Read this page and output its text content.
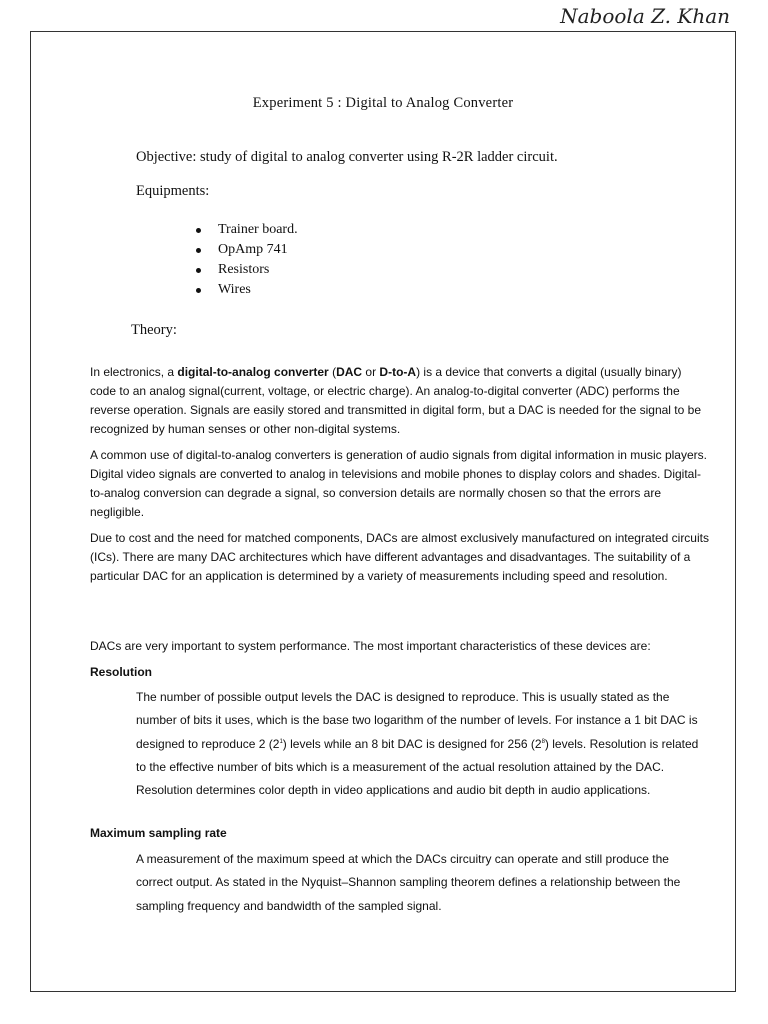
Naboola Z. Khan
Experiment 5 : Digital to Analog Converter
Objective: study of digital to analog converter using R-2R ladder circuit.
Equipments:
Trainer board.
OpAmp 741
Resistors
Wires
Theory:

In electronics, a digital-to-analog converter (DAC or D-to-A) is a device that converts a digital (usually binary) code to an analog signal(current, voltage, or electric charge). An analog-to-digital converter (ADC) performs the reverse operation. Signals are easily stored and transmitted in digital form, but a DAC is needed for the signal to be recognized by human senses or other non-digital systems.

A common use of digital-to-analog converters is generation of audio signals from digital information in music players. Digital video signals are converted to analog in televisions and mobile phones to display colors and shades. Digital-to-analog conversion can degrade a signal, so conversion details are normally chosen so that the errors are negligible.

Due to cost and the need for matched components, DACs are almost exclusively manufactured on integrated circuits (ICs). There are many DAC architectures which have different advantages and disadvantages. The suitability of a particular DAC for an application is determined by a variety of measurements including speed and resolution.

DACs are very important to system performance. The most important characteristics of these devices are:

Resolution

The number of possible output levels the DAC is designed to reproduce. This is usually stated as the number of bits it uses, which is the base two logarithm of the number of levels. For instance a 1 bit DAC is designed to reproduce 2 $(2^1)$ levels while an 8 bit DAC is designed for 256 $(2^8)$ levels. Resolution is related to the effective number of bits which is a measurement of the actual resolution attained by the DAC. Resolution determines color depth in video applications and audio bit depth in audio applications.

Maximum sampling rate

A measurement of the maximum speed at which the DACs circuitry can operate and still produce the correct output. As stated in the Nyquist–Shannon sampling theorem defines a relationship between the sampling frequency and bandwidth of the sampled signal.
